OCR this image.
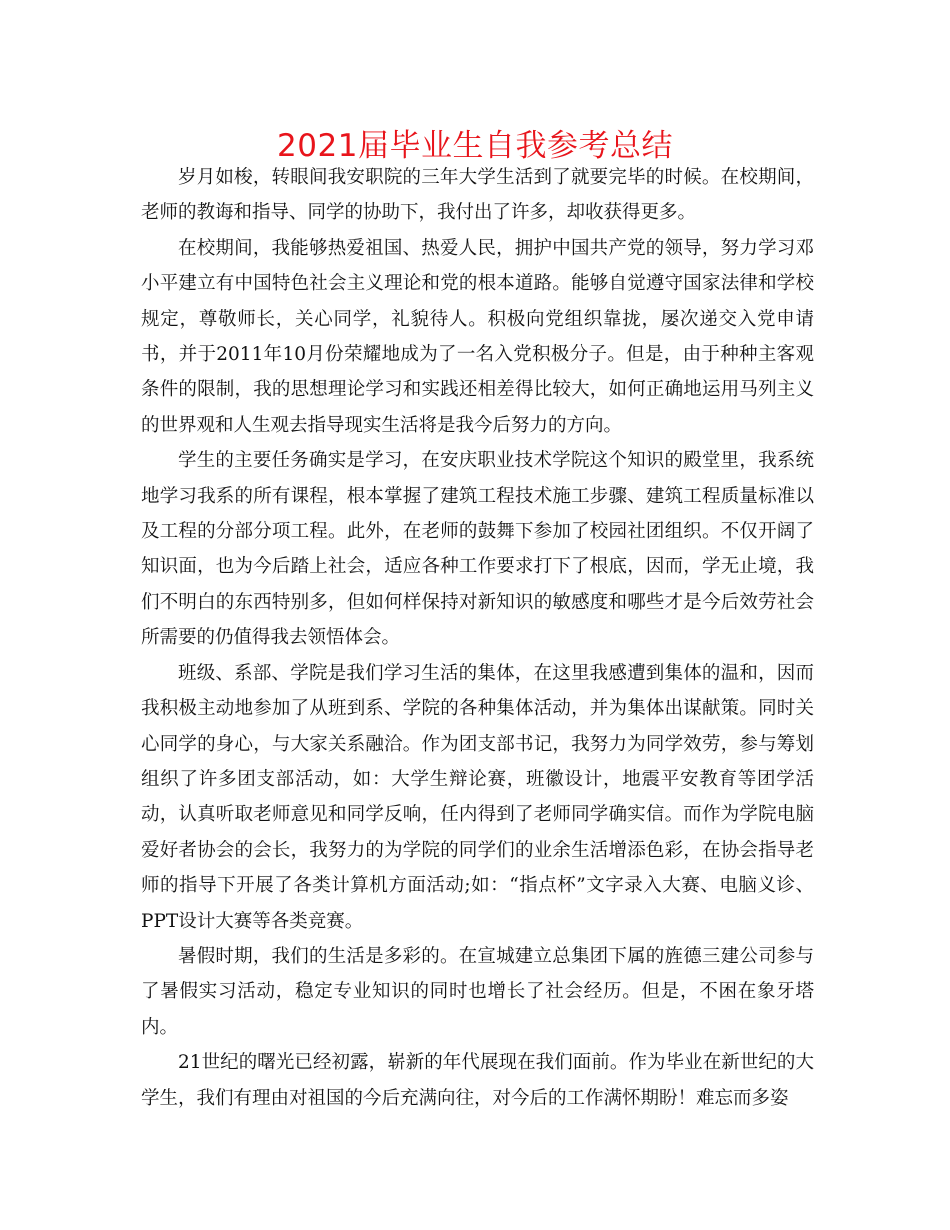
2021届毕业生自我参考总结

岁月如梭，转眼间我安职院的三年大学生活到了就要完毕的时候。在校期间，老师的教诲和指导、同学的协助下，我付出了许多，却收获得更多。

在校期间，我能够热爱祖国、热爱人民，拥护中国共产党的领导，努力学习邓小平建立有中国特色社会主义理论和党的根本道路。能够自觉遵守国家法律和学校规定，尊敬师长，关心同学，礼貌待人。积极向党组织靠拢，屡次递交入党申请书，并于2011年10月份荣耀地成为了一名入党积极分子。但是，由于种种主客观条件的限制，我的思想理论学习和实践还相差得比较大，如何正确地运用马列主义的世界观和人生观去指导现实生活将是我今后努力的方向。

学生的主要任务确实是学习，在安庆职业技术学院这个知识的殿堂里，我系统地学习我系的所有课程，根本掌握了建筑工程技术施工步骤、建筑工程质量标准以及工程的分部分项工程。此外，在老师的鼓舞下参加了校园社团组织。不仅开阔了知识面，也为今后踏上社会，适应各种工作要求打下了根底，因而，学无止境，我们不明白的东西特别多，但如何样保持对新知识的敏感度和哪些才是今后效劳社会所需要的仍值得我去领悟体会。

班级、系部、学院是我们学习生活的集体，在这里我感遭到集体的温和，因而我积极主动地参加了从班到系、学院的各种集体活动，并为集体出谋献策。同时关心同学的身心，与大家关系融洽。作为团支部书记，我努力为同学效劳，参与筹划组织了许多团支部活动，如：大学生辩论赛，班徽设计，地震平安教育等团学活动，认真听取老师意见和同学反响，任内得到了老师同学确实信。而作为学院电脑爱好者协会的会长，我努力的为学院的同学们的业余生活增添色彩，在协会指导老师的指导下开展了各类计算机方面活动;如：“指点杯”文字录入大赛、电脑义诊、PPT设计大赛等各类竞赛。

暑假时期，我们的生活是多彩的。在宣城建立总集团下属的旌德三建公司参与了暑假实习活动，稳定专业知识的同时也增长了社会经历。但是，不困在象牙塔内。

21世纪的曙光已经初露，崭新的年代展现在我们面前。作为毕业在新世纪的大学生，我们有理由对祖国的今后充满向往，对今后的工作满怀期盼！难忘而多姿
